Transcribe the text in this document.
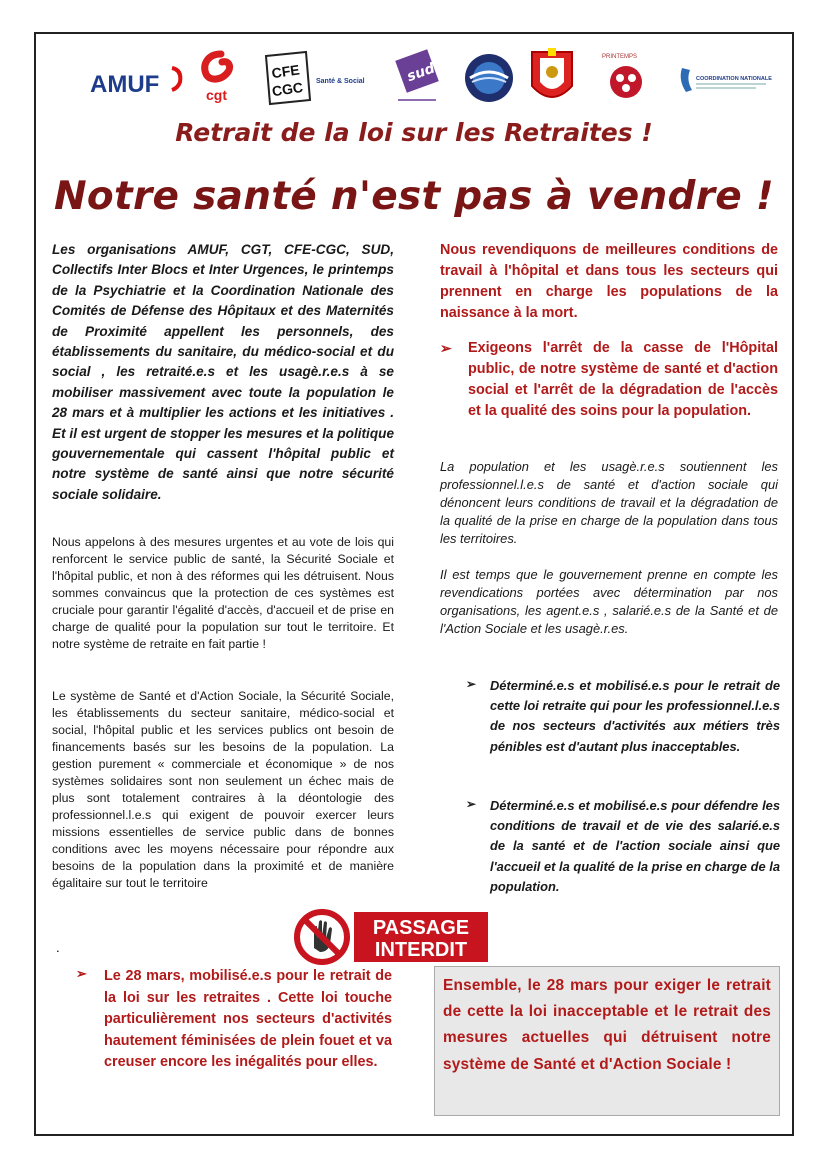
AMUF	cgt
CFE
CGC Santé & Social	sud
PRINTEMPS
COORDINATION NATIONALE
Retrait de la loi sur les Retraites !
Notre santé n'est pas à vendre !
Les organisations AMUF, CGT, CFE-CGC, SUD, Collectifs Inter Blocs et Inter Urgences, le printemps de la Psychiatrie et la Coordination Nationale des Comités de Défense des Hôpitaux et des Maternités de Proximité appellent les personnels, des établissements du sanitaire, du médico-social et du social , les retraité.e.s et les usagè.r.e.s à se mobiliser massivement avec toute la population le 28 mars et à multiplier les actions et les initiatives . Et il est urgent de stopper les mesures et la politique gouvernementale qui cassent l'hôpital public et notre système de santé ainsi que notre sécurité sociale solidaire.
Nous appelons à des mesures urgentes et au vote de lois qui renforcent le service public de santé, la Sécurité Sociale et l'hôpital public, et non à des réformes qui les détruisent. Nous sommes convaincus que la protection de ces systèmes est cruciale pour garantir l'égalité d'accès, d'accueil et de prise en charge de qualité pour la population sur tout le territoire. Et notre système de retraite en fait partie !
Le système de Santé et d'Action Sociale, la Sécurité Sociale, les établissements du secteur sanitaire, médico-social et social, l'hôpital public et les services publics ont besoin de financements basés sur les besoins de la population. La gestion purement « commerciale et économique » de nos systèmes solidaires sont non seulement un échec mais de plus sont totalement contraires à la déontologie des professionnel.l.e.s qui exigent de pouvoir exercer leurs missions essentielles de service public dans de bonnes conditions avec les moyens nécessaire pour répondre aux besoins de la population dans la proximité et de manière égalitaire sur tout le territoire
.
➢ Le 28 mars, mobilisé.e.s pour le retrait de la loi sur les retraites . Cette loi touche particulièrement nos secteurs d'activités hautement féminisées de plein fouet et va creuser encore les inégalités pour elles.
Nous revendiquons de meilleures conditions de travail à l'hôpital et dans tous les secteurs qui prennent en charge les populations de la naissance à la mort.
➢ Exigeons l'arrêt de la casse de l'Hôpital public, de notre système de santé et d'action social et l'arrêt de la dégradation de l'accès et la qualité des soins pour la population.
La population et les usagè.r.e.s soutiennent les professionnel.l.e.s de santé et d'action sociale qui dénoncent leurs conditions de travail et la dégradation de la qualité de la prise en charge de la population dans tous les territoires.
Il est temps que le gouvernement prenne en compte les revendications portées avec détermination par nos organisations, les agent.e.s , salarié.e.s de la Santé et de l'Action Sociale et les usagè.r.es.
➢ Déterminé.e.s et mobilisé.e.s pour le retrait de cette loi retraite qui pour les professionnel.l.e.s de nos secteurs d'activités aux métiers très pénibles est d'autant plus inacceptables.
➢ Déterminé.e.s et mobilisé.e.s pour défendre les conditions de travail et de vie des salarié.e.s de la santé et de l'action sociale ainsi que l'accueil et la qualité de la prise en charge de la population.
PASSAGE
INTERDIT
Ensemble, le 28 mars pour exiger le retrait de cette la loi inacceptable et le retrait des mesures actuelles qui détruisent notre système de Santé et d'Action Sociale !
